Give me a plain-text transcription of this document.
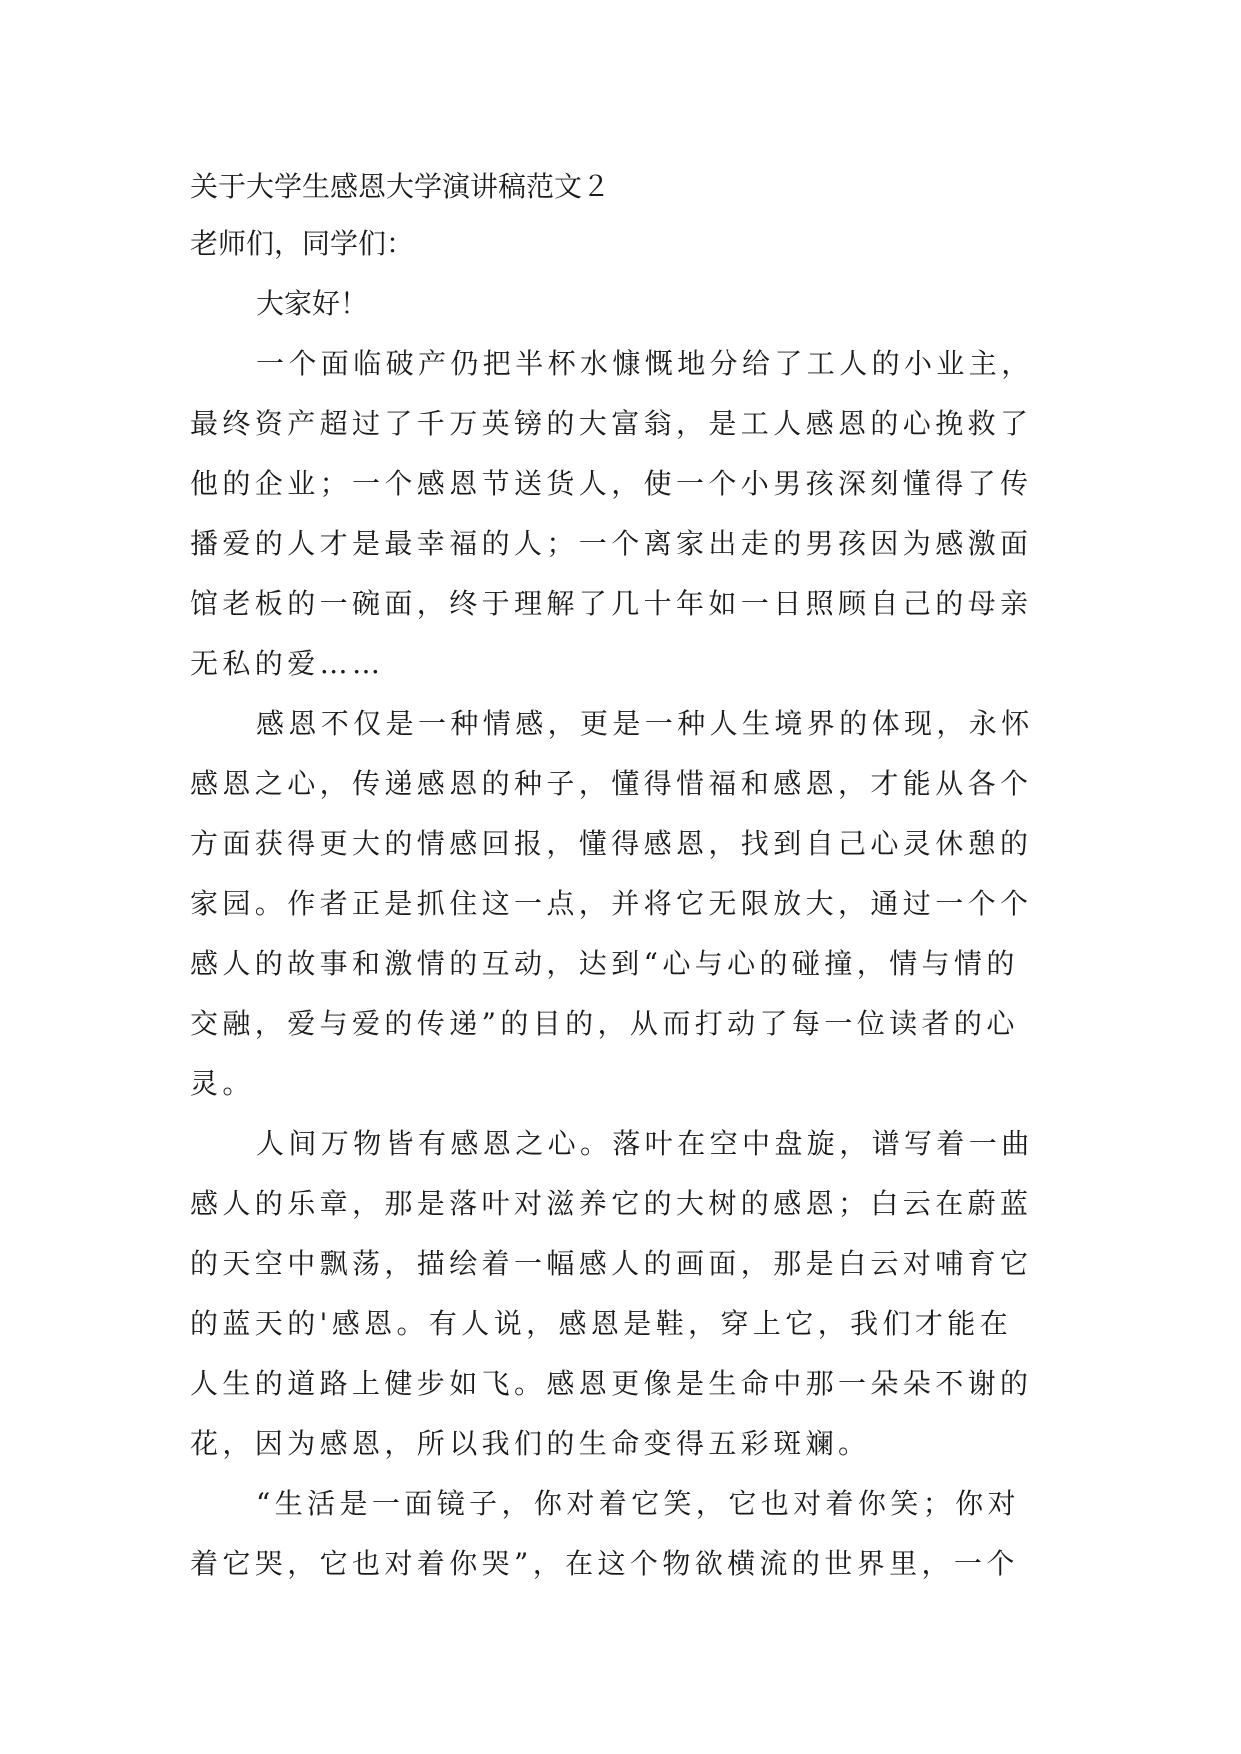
关于大学生感恩大学演讲稿范文２

老师们，同学们：

大家好！

一个面临破产仍把半杯水慷慨地分给了工人的小业主，
最终资产超过了千万英镑的大富翁，是工人感恩的心挽救了
他的企业；一个感恩节送货人，使一个小男孩深刻懂得了传
播爱的人才是最幸福的人；一个离家出走的男孩因为感激面
馆老板的一碗面，终于理解了几十年如一日照顾自己的母亲
无私的爱……

感恩不仅是一种情感，更是一种人生境界的体现，永怀
感恩之心，传递感恩的种子，懂得惜福和感恩，才能从各个
方面获得更大的情感回报，懂得感恩，找到自己心灵休憩的
家园。作者正是抓住这一点，并将它无限放大，通过一个个
感人的故事和激情的互动，达到“心与心的碰撞，情与情的
交融，爱与爱的传递”的目的，从而打动了每一位读者的心
灵。

人间万物皆有感恩之心。落叶在空中盘旋，谱写着一曲
感人的乐章，那是落叶对滋养它的大树的感恩；白云在蔚蓝
的天空中飘荡，描绘着一幅感人的画面，那是白云对哺育它
的蓝天的'感恩。有人说，感恩是鞋，穿上它，我们才能在
人生的道路上健步如飞。感恩更像是生命中那一朵朵不谢的
花，因为感恩，所以我们的生命变得五彩斑斓。

“生活是一面镜子，你对着它笑，它也对着你笑；你对
着它哭，它也对着你哭”，在这个物欲横流的世界里，一个
